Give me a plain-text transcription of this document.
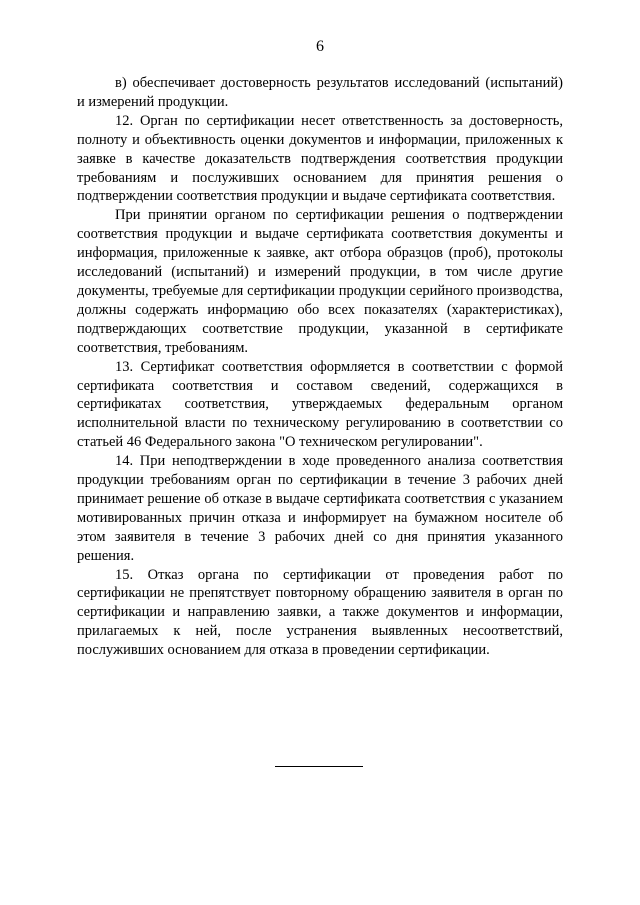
6

в) обеспечивает достоверность результатов исследований (испытаний) и измерений продукции.

12. Орган по сертификации несет ответственность за достоверность, полноту и объективность оценки документов и информации, приложенных к заявке в качестве доказательств подтверждения соответствия продукции требованиям и послуживших основанием для принятия решения о подтверждении соответствия продукции и выдаче сертификата соответствия.

При принятии органом по сертификации решения о подтверждении соответствия продукции и выдаче сертификата соответствия документы и информация, приложенные к заявке, акт отбора образцов (проб), протоколы исследований (испытаний) и измерений продукции, в том числе другие документы, требуемые для сертификации продукции серийного производства, должны содержать информацию обо всех показателях (характеристиках), подтверждающих соответствие продукции, указанной в сертификате соответствия, требованиям.

13. Сертификат соответствия оформляется в соответствии с формой сертификата соответствия и составом сведений, содержащихся в сертификатах соответствия, утверждаемых федеральным органом исполнительной власти по техническому регулированию в соответствии со статьей 46 Федерального закона "О техническом регулировании".

14. При неподтверждении в ходе проведенного анализа соответствия продукции требованиям орган по сертификации в течение 3 рабочих дней принимает решение об отказе в выдаче сертификата соответствия с указанием мотивированных причин отказа и информирует на бумажном носителе об этом заявителя в течение 3 рабочих дней со дня принятия указанного решения.

15. Отказ органа по сертификации от проведения работ по сертификации не препятствует повторному обращению заявителя в орган по сертификации и направлению заявки, а также документов и информации, прилагаемых к ней, после устранения выявленных несоответствий, послуживших основанием для отказа в проведении сертификации.
